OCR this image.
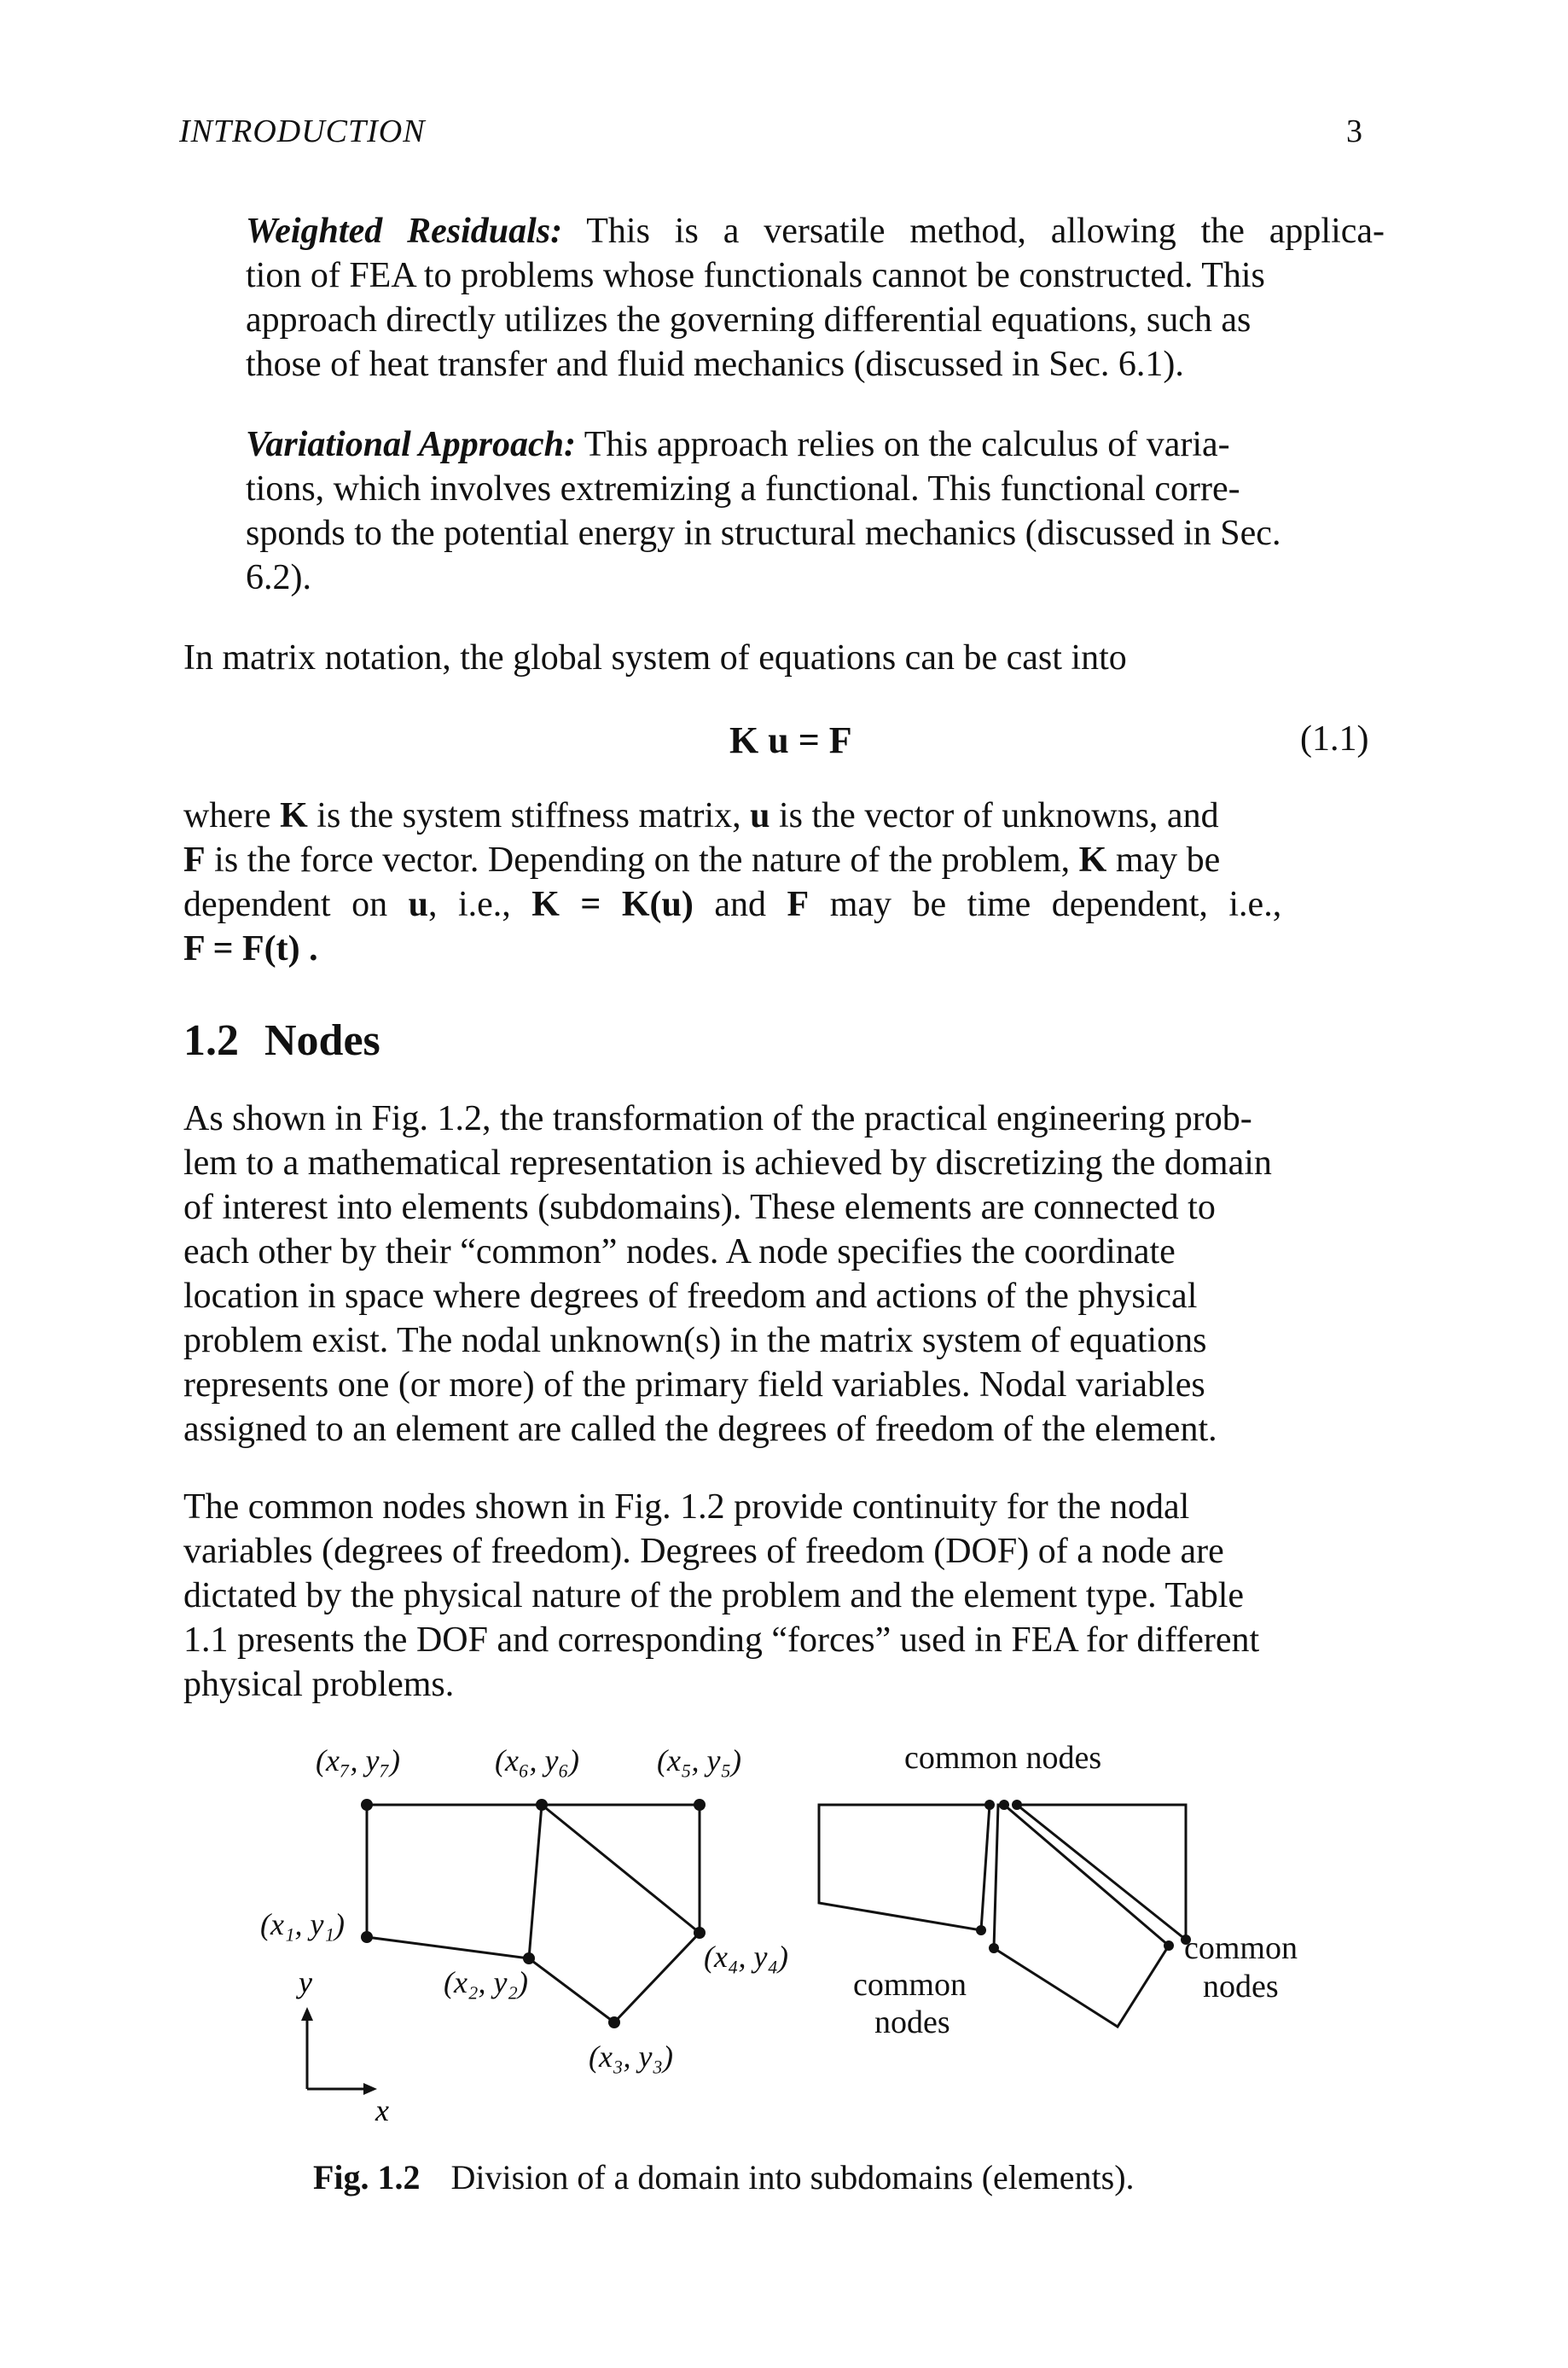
INTRODUCTION	3
Weighted Residuals: This is a versatile method, allowing the applica-
tion of FEA to problems whose functionals cannot be constructed. This
approach directly utilizes the governing differential equations, such as
those of heat transfer and fluid mechanics (discussed in Sec. 6.1).
Variational Approach: This approach relies on the calculus of varia-
tions, which involves extremizing a functional. This functional corre-
sponds to the potential energy in structural mechanics (discussed in Sec.
6.2).
In matrix notation, the global system of equations can be cast into
K u = F	(1.1)
where K is the system stiffness matrix, u is the vector of unknowns, and
F is the force vector. Depending on the nature of the problem, K may be
dependent on u, i.e., K = K(u) and F may be time dependent, i.e.,
F = F(t) .
1.2 Nodes
As shown in Fig. 1.2, the transformation of the practical engineering prob-
lem to a mathematical representation is achieved by discretizing the domain
of interest into elements (subdomains). These elements are connected to
each other by their “common” nodes. A node specifies the coordinate
location in space where degrees of freedom and actions of the physical
problem exist. The nodal unknown(s) in the matrix system of equations
represents one (or more) of the primary field variables. Nodal variables
assigned to an element are called the degrees of freedom of the element.
The common nodes shown in Fig. 1.2 provide continuity for the nodal
variables (degrees of freedom). Degrees of freedom (DOF) of a node are
dictated by the physical nature of the problem and the element type. Table
1.1 presents the DOF and corresponding “forces” used in FEA for different
physical problems.
(x₇, y₇)	(x₆, y₆)	(x₅, y₅)
(x₁, y₁)
(x₂, y₂)
(x₃, y₃)
(x₄, y₄)
y
x
common nodes
common
nodes
common
nodes
Fig. 1.2 Division of a domain into subdomains (elements).
